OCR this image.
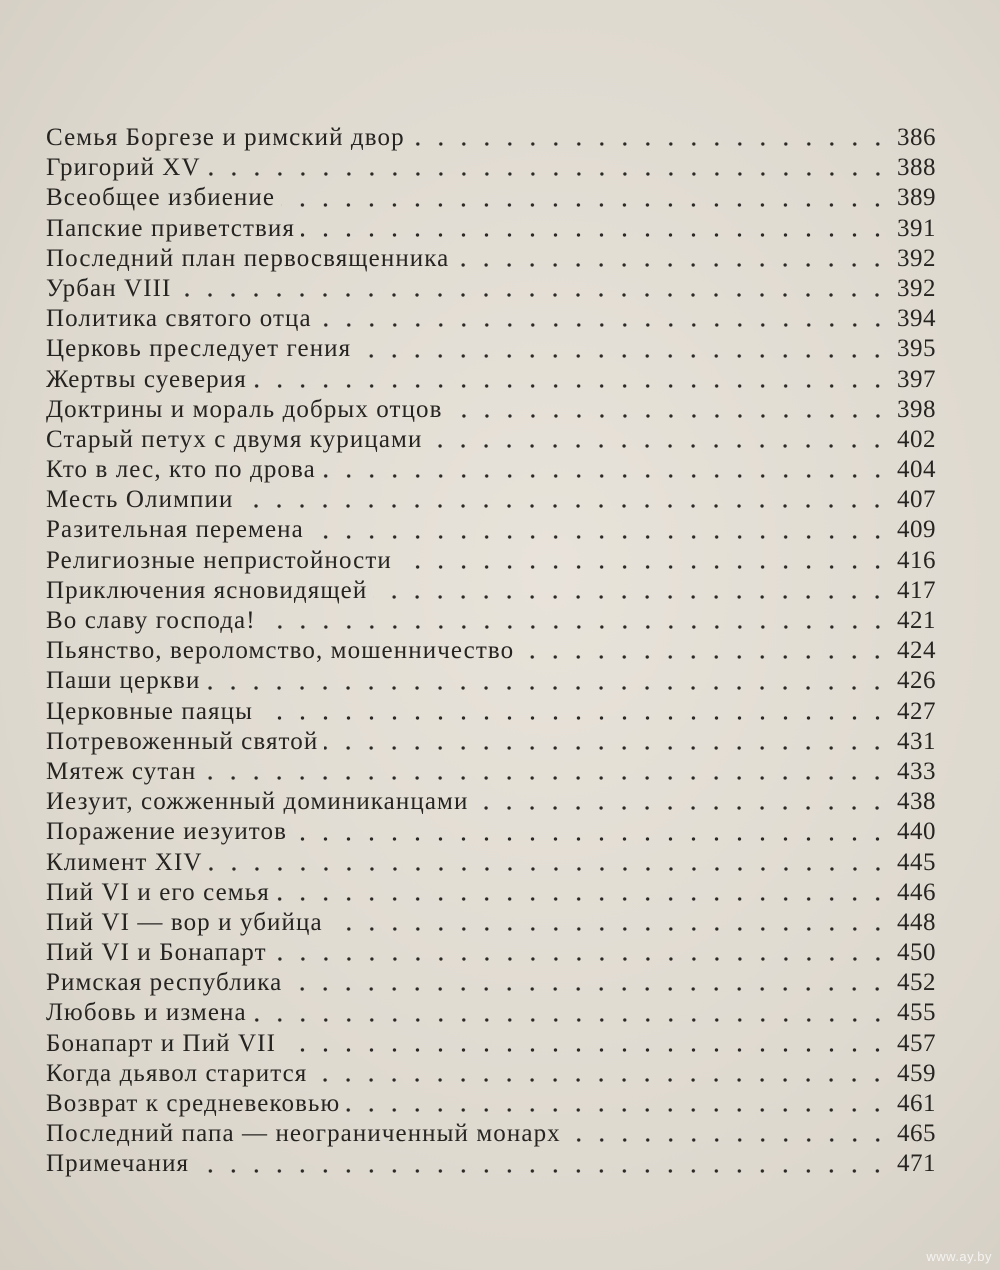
Семья Боргезе и римский двор	386
Григорий XV	388
Всеобщее избиение	389
Папские приветствия	391
Последний план первосвященника	392
Урбан VIII	392
Политика святого отца	394
Церковь преследует гения	395
Жертвы суеверия	397
Доктрины и мораль добрых отцов	398
Старый петух с двумя курицами	402
Кто в лес, кто по дрова	404
Месть Олимпии	407
Разительная перемена	409
Религиозные непристойности	416
Приключения ясновидящей	417
Во славу господа!	421
Пьянство, вероломство, мошенничество	424
Паши церкви	426
Церковные паяцы	427
Потревоженный святой	431
Мятеж сутан	433
Иезуит, сожженный доминиканцами	438
Поражение иезуитов	440
Климент XIV	445
Пий VI и его семья	446
Пий VI — вор и убийца	448
Пий VI и Бонапарт	450
Римская республика	452
Любовь и измена	455
Бонапарт и Пий VII	457
Когда дьявол старится	459
Возврат к средневековью	461
Последний папа — неограниченный монарх	465
Примечания	471
www.ay.by
